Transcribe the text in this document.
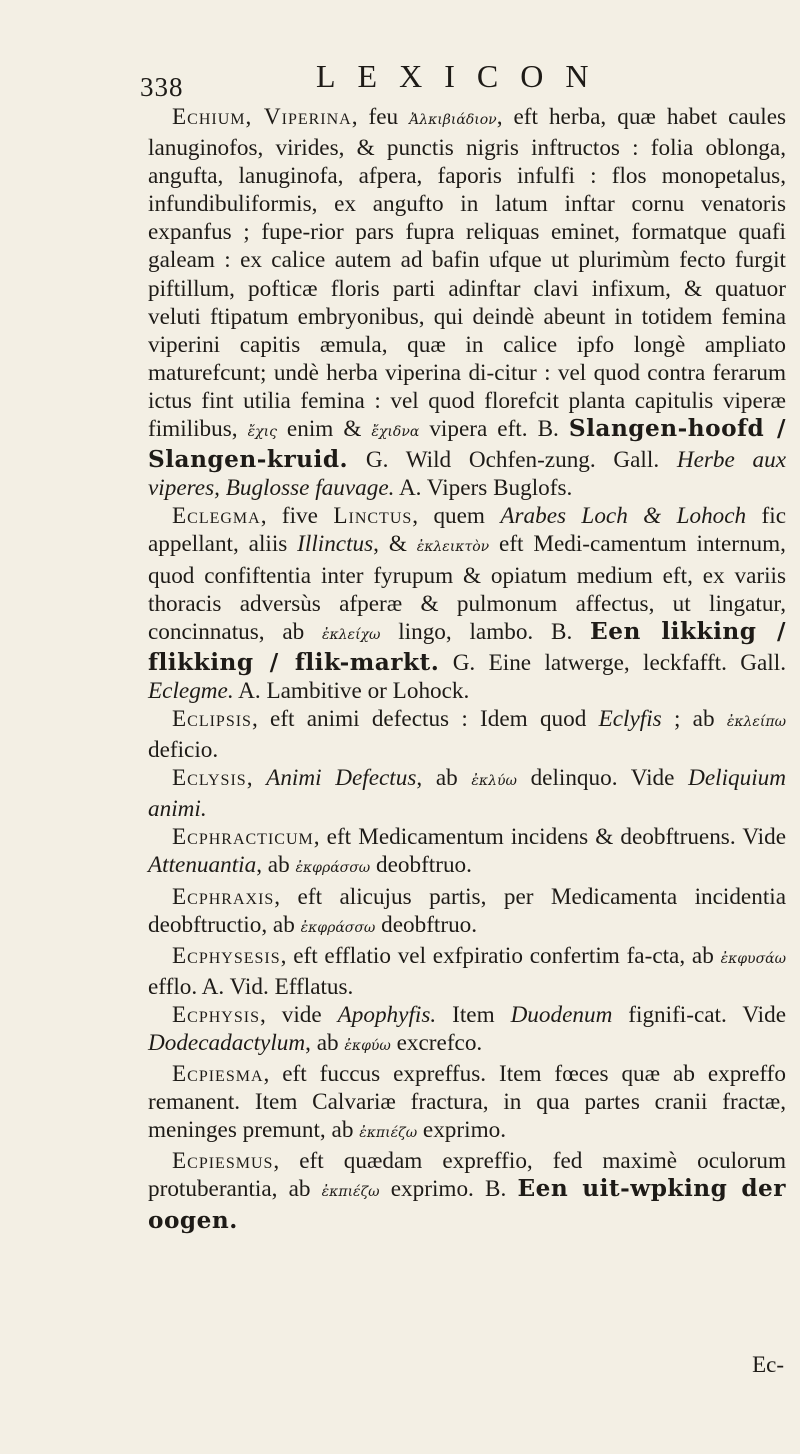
338	LEXICON

Echium, Viperina, feu Ἀλκιβιάδιον, eft herba, quæ habet caules lanuginofos, virides, & punctis nigris inftructos : folia oblonga, angufta, lanuginofa, afpera, faporis infulfi : flos monopetalus, infundibuliformis, ex angufto in latum inftar cornu venatoris expanfus ; fupe-rior pars fupra reliquas eminet, formatque quafi galeam : ex calice autem ad bafin ufque ut plurimùm fecto furgit piftillum, pofticæ floris parti adinftar clavi infixum, & quatuor veluti ftipatum embryonibus, qui deindè abeunt in totidem femina viperini capitis æmula, quæ in calice ipfo longè ampliato maturefcunt; undè herba viperina di-citur : vel quod contra ferarum ictus fint utilia femina : vel quod florefcit planta capitulis viperæ fimilibus, ἔχις enim & ἔχιδνα vipera eft. B. Slangen-hoofd / Slangen-kruid. G. Wild Ochfen-zung. Gall. Herbe aux viperes, Buglosse fauvage. A. Vipers Buglofs.

Eclegma, five Linctus, quem Arabes Loch & Lohoch fic appellant, aliis Illinctus, & ἐκλεικτὸν eft Medi-camentum internum, quod confiftentia inter fyrupum & opiatum medium eft, ex variis thoracis adversùs afperæ & pulmonum affectus, ut lingatur, concinnatus, ab ἐκλείχω lingo, lambo. B. Een likking / flikking / flik-markt. G. Eine latwerge, leckfafft. Gall. Eclegme. A. Lambitive or Lohock.

Eclipsis, eft animi defectus : Idem quod Eclyfis ; ab ἐκλείπω deficio.

Eclysis, Animi Defectus, ab ἐκλύω delinquo. Vide Deliquium animi.

Ecphracticum, eft Medicamentum incidens & deobftruens. Vide Attenuantia, ab ἐκφράσσω deobftruo.

Ecphraxis, eft alicujus partis, per Medicamenta incidentia deobftructio, ab ἐκφράσσω deobftruo.

Ecphysesis, eft efflatio vel exfpiratio confertim fa-cta, ab ἐκφυσάω efflo. A. Vid. Efflatus.

Ecphysis, vide Apophyfis. Item Duodenum fignifi-cat. Vide Dodecadactylum, ab ἐκφύω excrefco.

Ecpiesma, eft fuccus expreffus. Item fœces quæ ab expreffo remanent. Item Calvariæ fractura, in qua partes cranii fractæ, meninges premunt, ab ἐκπιέζω exprimo.

Ecpiesmus, eft quædam expreffio, fed maximè oculorum protuberantia, ab ἐκπιέζω exprimo. B. Een uit-wpking der oogen.

Ec-
